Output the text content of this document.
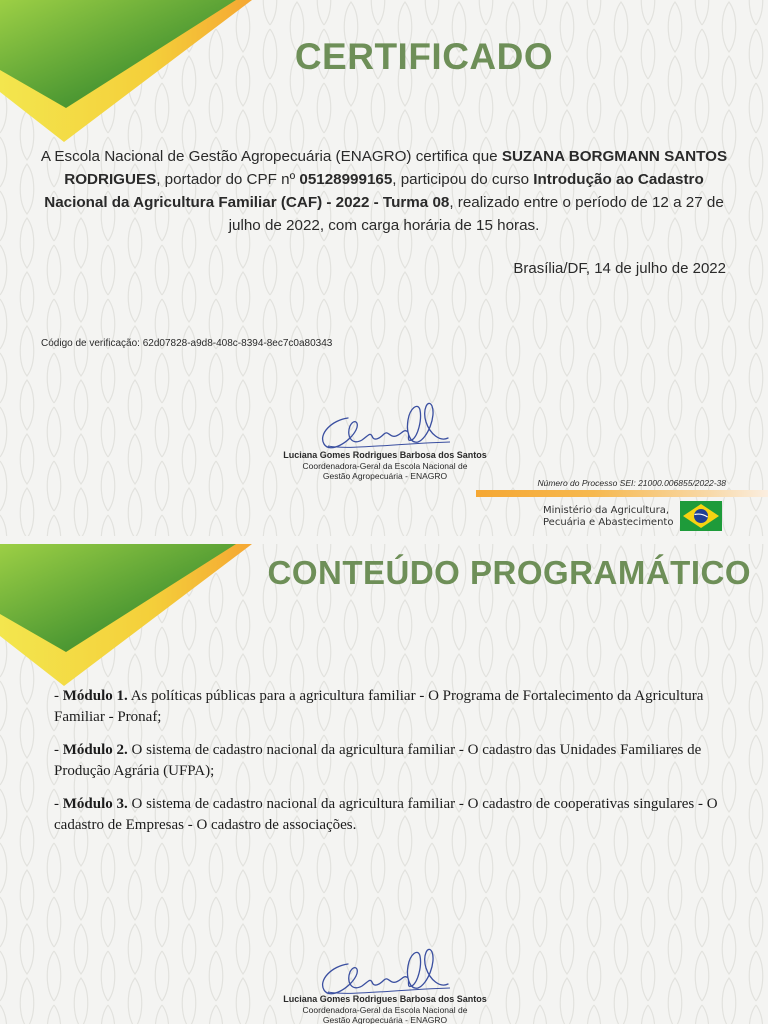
CERTIFICADO

A Escola Nacional de Gestão Agropecuária (ENAGRO) certifica que SUZANA BORGMANN SANTOS RODRIGUES, portador do CPF nº 05128999165, participou do curso Introdução ao Cadastro Nacional da Agricultura Familiar (CAF) - 2022 - Turma 08, realizado entre o período de 12 a 27 de julho de 2022, com carga horária de 15 horas.

Brasília/DF, 14 de julho de 2022
Código de verificação: 62d07828-a9d8-408c-8394-8ec7c0a80343
Luciana Gomes Rodrigues Barbosa dos Santos
Coordenadora-Geral da Escola Nacional de
Gestão Agropecuária - ENAGRO
Número do Processo SEI: 21000.006855/2022-38
Ministério da Agricultura,
Pecuária e Abastecimento
CONTEÚDO PROGRAMÁTICO
- Módulo 1. As políticas públicas para a agricultura familiar - O Programa de Fortalecimento da Agricultura Familiar - Pronaf;
- Módulo 2. O sistema de cadastro nacional da agricultura familiar - O cadastro das Unidades Familiares de Produção Agrária (UFPA);
- Módulo 3. O sistema de cadastro nacional da agricultura familiar - O cadastro de cooperativas singulares - O cadastro de Empresas - O cadastro de associações.
Luciana Gomes Rodrigues Barbosa dos Santos
Coordenadora-Geral da Escola Nacional de
Gestão Agropecuária - ENAGRO
